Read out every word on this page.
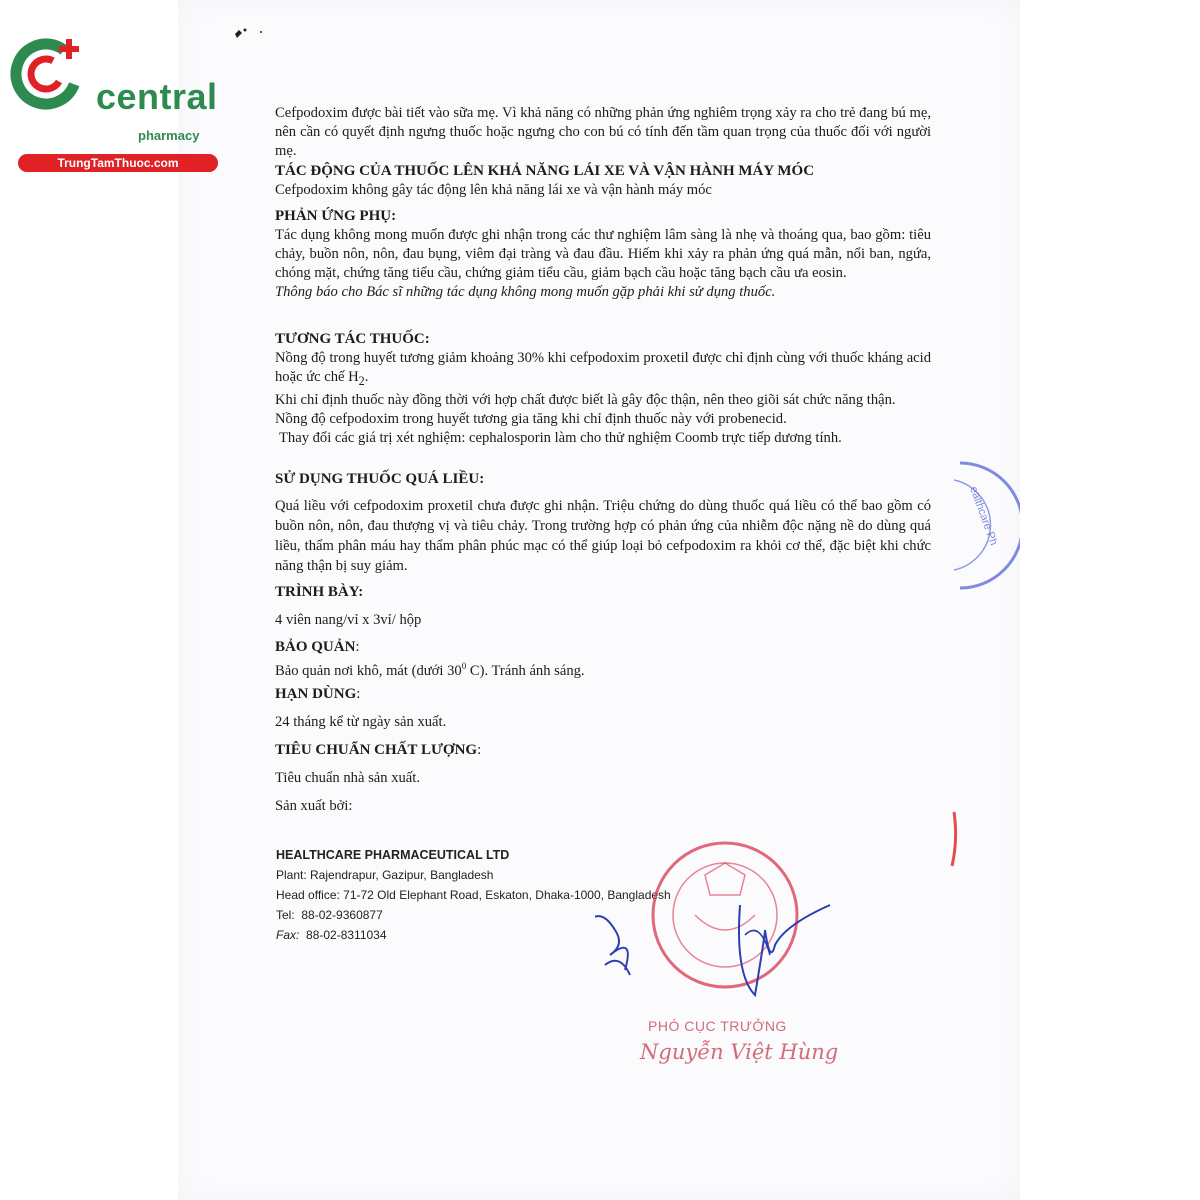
central
pharmacy
TrungTamThuoc.com

Cefpodoxim được bài tiết vào sữa mẹ. Vì khả năng có những phản ứng nghiêm trọng xảy ra cho trẻ đang bú mẹ, nên cần có quyết định ngưng thuốc hoặc ngưng cho con bú có tính đến tầm quan trọng của thuốc đối với người mẹ.

TÁC ĐỘNG CỦA THUỐC LÊN KHẢ NĂNG LÁI XE VÀ VẬN HÀNH MÁY MÓC

Cefpodoxim không gây tác động lên khả năng lái xe và vận hành máy móc

PHẢN ỨNG PHỤ:

Tác dụng không mong muốn được ghi nhận trong các thư nghiệm lâm sàng là nhẹ và thoáng qua, bao gồm: tiêu chảy, buồn nôn, nôn, đau bụng, viêm đại tràng và đau đầu. Hiếm khi xảy ra phản ứng quá mẫn, nổi ban, ngứa, chóng mặt, chứng tăng tiểu cầu, chứng giảm tiểu cầu, giảm bạch cầu hoặc tăng bạch cầu ưa eosin.

Thông báo cho Bác sĩ những tác dụng không mong muốn gặp phải khi sử dụng thuốc.

TƯƠNG TÁC THUỐC:

Nồng độ trong huyết tương giảm khoảng 30% khi cefpodoxim proxetil được chỉ định cùng với thuốc kháng acid hoặc ức chế $H_2$.

Khi chỉ định thuốc này đồng thời với hợp chất được biết là gây độc thận, nên theo giõi sát chức năng thận.

Nồng độ cefpodoxim trong huyết tương gia tăng khi chỉ định thuốc này với probenecid.

Thay đổi các giá trị xét nghiệm: cephalosporin làm cho thử nghiệm Coomb trực tiếp dương tính.

SỬ DỤNG THUỐC QUÁ LIỀU:

Quá liều với cefpodoxim proxetil chưa được ghi nhận. Triệu chứng do dùng thuốc quá liều có thể bao gồm có buồn nôn, nôn, đau thượng vị và tiêu chảy. Trong trường hợp có phản ứng của nhiễm độc nặng nề do dùng quá liều, thẩm phân máu hay thẩm phân phúc mạc có thể giúp loại bỏ cefpodoxim ra khỏi cơ thể, đặc biệt khi chức năng thận bị suy giảm.

TRÌNH BÀY:

4 viên nang/vỉ x 3vỉ/ hộp

BẢO QUẢN:

Bảo quản nơi khô, mát (dưới $30^0$ C). Tránh ánh sáng.

HẠN DÙNG:

24 tháng kể từ ngày sản xuất.

TIÊU CHUẨN CHẤT LƯỢNG:

Tiêu chuẩn nhà sản xuất.

Sản xuất bởi:

HEALTHCARE PHARMACEUTICAL LTD
Plant: Rajendrapur, Gazipur, Bangladesh
Head office: 71-72 Old Elephant Road, Eskaton, Dhaka-1000, Bangladesh
Tel: 88-02-9360877
Fax: 88-02-8311034
PHÓ CỤC TRƯỞNG
Nguyễn Việt Hùng
ealthcare Ph
